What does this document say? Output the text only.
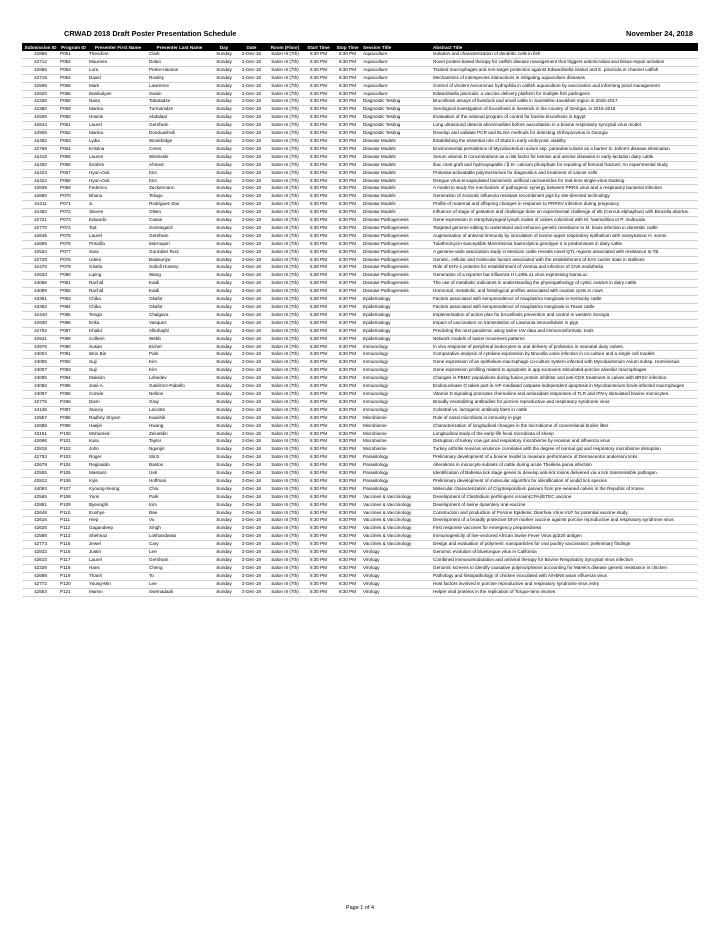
CRWAD 2018 Draft Poster Presentation Schedule	November 24, 2018
Submission ID	Program ID	Presenter First Name	Presenter Last Name	Day	Date	Room (Floor)	Start Time	Stop Time	Session Title	Abstract Title
42866	P051	Theodore	Clark	Sunday	2-Dec-18	Salon III (7th)	6:30 PM	8:30 PM	Aquaculture	Isolation and characterization of dendritic cells in fish
42712	P052	Maureen	Dolan	Sunday	2-Dec-18	Salon III (7th)	6:30 PM	8:30 PM	Aquaculture	Novel protein-based therapy for catfish disease management that triggers antimicrobial and tissue-repair activities
42686	P053	Lora	Petrie-Hanson	Sunday	2-Dec-18	Salon III (7th)	6:30 PM	8:30 PM	Aquaculture	Trained macrophages and non-target protection against Edwardsiella ictaluri and E. piscicida in channel catfish
42719	P054	David	Rowley	Sunday	2-Dec-18	Salon III (7th)	6:30 PM	8:30 PM	Aquaculture	Mechanisms of interspecies interactions in mitigating aquaculture diseases
42595	P055	Mark	Lawrence	Sunday	2-Dec-18	Salon III (7th)	6:30 PM	8:30 PM	Aquaculture	Control of virulent Aeromonas hydrophila in catfish aquaculture by vaccination and informing pond management
42620	P056	Banikalyan	Swain	Sunday	2-Dec-18	Salon III (7th)	6:30 PM	8:30 PM	Aquaculture	Edwardsiella piscicida: a vaccine delivery platform for multiple fish pathogens
42336	P058	Naira	Tabatadze	Sunday	2-Dec-18	Salon III (7th)	6:30 PM	8:30 PM	Diagnostic Testing	Brucellosis assays of livestock and small cattle in Samtskhe-Javakheti region in 2015-2017
42360	P059	Marina	Turmanidze	Sunday	2-Dec-18	Salon III (7th)	6:30 PM	8:30 PM	Diagnostic Testing	Serological investigation of brucellosis in livestock in the country of Georgia, in 2016-2018
42506	P060	Hosein	Abdalaal	Sunday	2-Dec-18	Salon III (7th)	6:30 PM	8:30 PM	Diagnostic Testing	Evaluation of the national program of control for bovine brucellosis in Egypt
42644	P061	Laurel	Gershwin	Sunday	2-Dec-18	Salon III (7th)	6:30 PM	8:30 PM	Diagnostic Testing	Lung ultrasound detects abnormalities before auscultation in a bovine respiratory syncytial virus model.
43906	P062	Marina	Donduashvili	Sunday	2-Dec-18	Salon III (7th)	6:30 PM	8:30 PM	Diagnostic Testing	Develop and validate PCR and ELISA methods for detecting Orthopoxvirus in Georgia
42482	P063	Lydia	Wooldridge	Sunday	2-Dec-18	Salon III (7th)	6:30 PM	8:30 PM	Disease Models	Establishing the essential role of Stat3 in early embryonic viability
42768	P064	Kristina	Ceres	Sunday	2-Dec-18	Salon III (7th)	6:30 PM	8:30 PM	Disease Models	Environmental persistence of Mycobacterium avium ssp. paratuberculosis as a barrier to Johne's disease elimination
42419	P065	Lauren	Wisnieski	Sunday	2-Dec-18	Salon III (7th)	6:30 PM	8:30 PM	Disease Models	Serum vitamin D concentrations as a risk factor for ketosis and uterine diseases in early-lactation dairy cattle
42400	P066	Ibrahim	Ahmed	Sunday	2-Dec-18	Salon III (7th)	6:30 PM	8:30 PM	Disease Models	Iliac crest graft and hydroxyapatite / β tri- calcium phosphate for repairing of femoral fracture: An experimental study
42423	P067	Hyun-Ouk	Kim	Sunday	2-Dec-18	Salon III (7th)	6:30 PM	8:30 PM	Disease Models	Protease-activatable polymersomes for diagnostics and treatment of cancer cells
42422	P068	Hyun-Ouk	Kim	Sunday	2-Dec-18	Salon III (7th)	6:30 PM	8:30 PM	Disease Models	Dengue virus-encapsulated biomimetic artificial nanovesicles for real-time single-virus tracking
42839	P069	Federico	Zuckermann	Sunday	2-Dec-18	Salon III (7th)	6:30 PM	8:30 PM	Disease Models	A model to study the mechanism of pathogenic synergy between PRRS virus and a respiratory bacterial infection
42680	P070	Bhanu	Telugu	Sunday	2-Dec-18	Salon III (7th)	6:30 PM	8:30 PM	Disease Models	Generation of zoonotic influenza resistant recombinant pigs by site-directed technology
42411	P071	S.	Rodriguez-Zas	Sunday	2-Dec-18	Salon III (7th)	6:30 PM	8:30 PM	Disease Models	Profile of maternal and offspring changes in response to PRRSV infection during pregnancy
42452	P072	Steven	Olsen	Sunday	2-Dec-18	Salon III (7th)	6:30 PM	8:30 PM	Disease Models	Influence of stage of gestation and challenge dose on experimental challenge of elk (Cervus elphaphus) with Brucella abortus.
42721	P073	Eduardo	Casas	Sunday	2-Dec-18	Salon III (7th)	6:30 PM	8:30 PM	Disease Pathogenesis	Gene expression in retropharyngeal lymph nodes of calves colonized with M. haemolitica or P. multocida
42770	P074	Tad	Sonstegard	Sunday	2-Dec-18	Salon III (7th)	6:30 PM	8:30 PM	Disease Pathogenesis	Targeted genome editing to understand and enhance genetic resistance to M. bovis infection in domestic cattle
42646	P075	Laurel	Gershwin	Sunday	2-Dec-18	Salon III (7th)	6:30 PM	8:30 PM	Disease Pathogenesis	Augmentation of antiviral immunity by inoculation of bovine upper respiratory epithelium with nonsytotoxic H. somni
42665	P076	Priscilla	Marroquin	Sunday	2-Dec-18	Salon III (7th)	6:30 PM	8:30 PM	Disease Pathogenesis	Tulathromycin-susceptible Mannheimia haemolytica genotype 2 is predominant in dairy cattle
42534	P077	Sara	González Ruiz	Sunday	2-Dec-18	Salon III (7th)	6:30 PM	8:30 PM	Disease Pathogenesis	A genome-wide association study in Mexican cattle reveals novel QTL regions associated with resistance to TB
42728	P078	Udeni	Balasuriya	Sunday	2-Dec-18	Salon III (7th)	6:30 PM	8:30 PM	Disease Pathogenesis	Genetic, cellular and molecular factors associated with the establishment of EAV carrier state in stallions
42470	P079	Gisela	Soboll Hussey	Sunday	2-Dec-18	Salon III (7th)	6:30 PM	8:30 PM	Disease Pathogenesis	Role of EHV-1 proteins for establishment of viremia and infection of CNS endothelia
42633	P080	Liping	Wang	Sunday	2-Dec-18	Salon III (7th)	6:30 PM	8:30 PM	Disease Pathogenesis	Generation of a reporter bat influenza H L18NL11 virus expressing NanoLuc
44088	P081	Rachid	Kaidi	Sunday	2-Dec-18	Salon III (7th)	6:30 PM	8:30 PM	Disease Pathogenesis	The use of metabolic indicators in understanding the physiopathology of cystic ovaries in dairy cattle
44089	P082	Rachid	Kaidi	Sunday	2-Dec-18	Salon III (7th)	6:30 PM	8:30 PM	Disease Pathogenesis	Hormonal, metabolic, and histological profiles associated with ovarian cysts in cows
43361	P083	Chika	Okafor	Sunday	2-Dec-18	Salon III (7th)	6:30 PM	8:30 PM	Epidemiology	Factors associated with seroprevalence of Anaplasma marginale in Kentucky cattle
43362	P084	Chika	Okafor	Sunday	2-Dec-18	Salon III (7th)	6:30 PM	8:30 PM	Epidemiology	Factors associated with seroprevalence of Anaplasma marginale in Texas cattle
42440	P085	Tengiz	Chalgava	Sunday	2-Dec-18	Salon III (7th)	6:30 PM	8:30 PM	Epidemiology	Implementation of action plan for brucellosis prevention and control in western Georgia
42830	P086	Erika	Vasquez	Sunday	2-Dec-18	Salon III (7th)	6:30 PM	8:30 PM	Epidemiology	Impact of vaccination on transmission of Lawsonia intracellularis in pigs
42702	P087	Khalid	Alkuhaybi	Sunday	2-Dec-18	Salon III (7th)	6:30 PM	8:30 PM	Epidemiology	Predicting the next pandemic using swine IAV data and immunoinformatic tools
42541	P089	Colleen	Webb	Sunday	2-Dec-18	Salon III (7th)	6:30 PM	8:30 PM	Epidemiology	Network models of swine movement patterns
43976	P090	Susan	Eicher	Sunday	2-Dec-18	Salon III (7th)	6:30 PM	8:30 PM	Immunology	In vivo response of peripheral leukocytes to oral delivery of probiotics in neonatal dairy calves.
44004	P091	Woo Bin	Park	Sunday	2-Dec-18	Salon III (7th)	6:30 PM	8:30 PM	Immunology	Comparative analysis of cytokine expression by Brucella canis infection in co-culture and a single cell models
44006	P092	Suji	Kim	Sunday	2-Dec-18	Salon III (7th)	6:30 PM	8:30 PM	Immunology	Gene expression of an epithelium-macrophage co-culture system infected with Mycobacterium Avium subsp. Hominissuis
44007	P093	Suji	Kim	Sunday	2-Dec-18	Salon III (7th)	6:30 PM	8:30 PM	Immunology	Gene expression profiling related to apoptosis in app exotoxins stimulated-porcine alveolar macrophages
44085	P094	Maksim	Lebedev	Sunday	2-Dec-18	Salon III (7th)	6:30 PM	8:30 PM	Immunology	Changes in PBMC populations during fusion protein inhibitor and anti-CDK treatment in calves with BRSV infection.
44086	P095	José A.	Gutiérrez-Pabello	Sunday	2-Dec-18	Salon III (7th)	6:30 PM	8:30 PM	Immunology	Endonuclease G takes part in AIF-mediated caspase-independent apoptosis in Mycobacterium bovis-infected macrophages
44097	P096	Corwin	Nelson	Sunday	2-Dec-18	Salon III (7th)	6:30 PM	8:30 PM	Immunology	Vitamin D signaling promotes chemokine and antioxidant responses of TLR and IFN-γ stimulated bovine monocytes.
42775	P258	Diem	Gray	Sunday	2-Dec-18	Salon III (7th)	6:30 PM	8:30 PM	Immunology	Broadly neutralizing antibodies for porcine reproductive and respiratory syndrome virus
44135	P097	Stacey	Lacoste	Sunday	2-Dec-18	Salon III (7th)	6:30 PM	8:30 PM	Immunology	Colostral vs. lactogenic antibody titers in cattle
42557	P098	Radhey Shyam	Kaushik	Sunday	2-Dec-18	Salon III (7th)	6:30 PM	8:30 PM	Microbiome	Role of nasal microbiota in immunity in pigs
42688	P099	Haejin	Hwang	Sunday	2-Dec-18	Salon III (7th)	6:30 PM	8:30 PM	Microbiome	Characterization of longitudinal changes in the microbiome of conventional broiler litter
43151	P100	Mohamed	Zeineldin	Sunday	2-Dec-18	Salon III (7th)	6:30 PM	8:30 PM	Microbiome	Longitudinal study of the early-life fecal microbiota of sheep
42696	P101	Kara	Taylor	Sunday	2-Dec-18	Salon III (7th)	6:30 PM	8:30 PM	Microbiome	Disruption of turkey cow gut and respiratory microbiome by reovirus and influenza virus
42819	P102	John	Ngunjiri	Sunday	2-Dec-18	Salon III (7th)	6:30 PM	8:30 PM	Microbiome	Turkey arthritis reovirus virulence correlates with the degree of normal gut and respiratory microbiome disruption
42783	P103	Roger	Stich	Sunday	2-Dec-18	Salon III (7th)	6:30 PM	8:30 PM	Parasitology	Preliminary development of a bovine model to measure performance of Dermacentor andersoni ticks
42679	P104	Reginaldo	Bastos	Sunday	2-Dec-18	Salon III (7th)	6:30 PM	8:30 PM	Parasitology	Alterations in monocyte subsets of cattle during acute Theileria parva infection
42555	P105	Massaro	Ueti	Sunday	2-Dec-18	Salon III (7th)	6:30 PM	8:30 PM	Parasitology	Identification of Babesia tick stage genes to develop anti-tick toxins delivered via a tick transmissible pathogen.
42813	P106	Kyle	Hoffman	Sunday	2-Dec-18	Salon III (7th)	6:30 PM	8:30 PM	Parasitology	Preliminary development of molecular algorithm for identification of ixodid tick species
44093	P107	Kyoung-Seong	Choi	Sunday	2-Dec-18	Salon III (7th)	6:30 PM	8:30 PM	Parasitology	Molecular characterization of Cryptosporidium parvum from pre-weaned calves in the Republic of Korea
42565	P108	Yumi	Park	Sunday	2-Dec-18	Salon III (7th)	6:30 PM	8:30 PM	Vaccines & Vaccinology	Development of Clostridium perfringens α-toxin(CPA)/ETEC vaccine
42881	P109	Byeonghi	Kim	Sunday	2-Dec-18	Salon III (7th)	6:30 PM	8:30 PM	Vaccines & Vaccinology	Development of swine dysentery oral-vaccine
42648	P110	Eunhye	Bae	Sunday	2-Dec-18	Salon III (7th)	6:30 PM	8:30 PM	Vaccines & Vaccinology	Construction and production of Porcine Epidemic Diarrhea Virus-VLP for potential vaccine study
42616	P111	Hiep	Vu	Sunday	2-Dec-18	Salon III (7th)	6:30 PM	8:30 PM	Vaccines & Vaccinology	Development of a broadly protective DIVA marker vaccine against porcine reproductive and respiratory syndrome virus
42625	P112	Gagandeep	Singh	Sunday	2-Dec-18	Salon III (7th)	6:30 PM	8:30 PM	Vaccines & Vaccinology	First response vaccines for emergency preparedness
42588	P113	Shehnaz	Lokhandwala	Sunday	2-Dec-18	Salon III (7th)	6:30 PM	8:30 PM	Vaccines & Vaccinology	Immunogenicity of live-vectored African Swine Fever Virus pp220 antigen
42773	P115	Jewel	Cary	Sunday	2-Dec-18	Salon III (7th)	6:30 PM	8:30 PM	Vaccines & Vaccinology	Design and evaluation of polymeric nanoparticles for oral poultry vaccination: preliminary findings
42833	P116	Justin	Lee	Sunday	2-Dec-18	Salon III (7th)	6:30 PM	8:30 PM	Virology	Genomic evolution of bluetongue virus in California
42610	P117	Laurel	Gershwin	Sunday	2-Dec-18	Salon III (7th)	6:30 PM	8:30 PM	Virology	Combined immunomodulation and antiviral therapy for Bovine Respiratory Syncytial Virus infection
42339	P118	Hans	Cheng	Sunday	2-Dec-18	Salon III (7th)	6:30 PM	8:30 PM	Virology	Genomic screens to identify causative polymorphisms accounting for Marek's disease genetic resistance in chicken
42698	P119	Thanh	To	Sunday	2-Dec-18	Salon III (7th)	6:30 PM	8:30 PM	Virology	Pathology and histopathology of chicken inoculated with A/H5N6 avian influenza virus
42772	P120	Young-Min	Lee	Sunday	2-Dec-18	Salon III (7th)	6:30 PM	8:30 PM	Virology	Host factors involved in porcine reproductive and respiratory syndrome virus entry
42553	P121	Marvin	Ssemadaali	Sunday	2-Dec-18	Salon III (7th)	6:30 PM	8:30 PM	Virology	Helper viral proteins in the replication of Torque-teno viruses
Page 1 of 4
